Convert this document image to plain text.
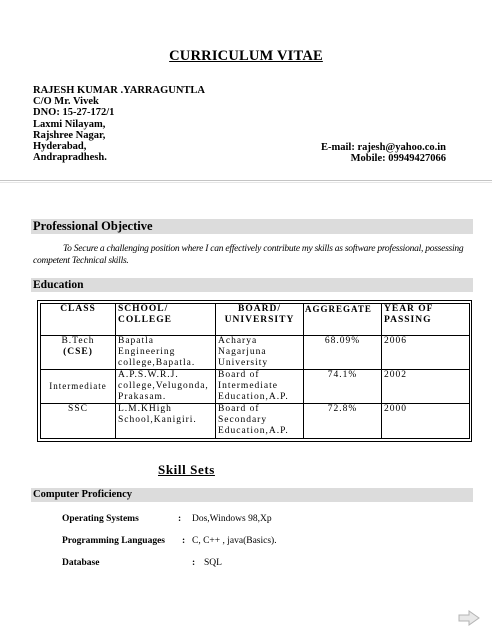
CURRICULUM VITAE
RAJESH KUMAR .YARRAGUNTLA
C/O Mr. Vivek
DNO: 15-27-172/1
Laxmi Nilayam,
Rajshree Nagar,
Hyderabad,
Andrapradhesh.
E-mail: rajesh@yahoo.co.in
Mobile: 09949427066
Professional Objective
To Secure a challenging position where I can effectively contribute my skills as software professional, possessing competent Technical skills.
Education
CLASS	SCHOOL/ COLLEGE	BOARD/ UNIVERSITY	AGGREGATE	YEAR OF PASSING

B.Tech
(CSE)	Bapatla Engineering college,Bapatla.	Acharya Nagarjuna University	68.09%	2006
Intermediate	A.P.S.W.R.J. college,Velugonda, Prakasam.	Board of Intermediate Education,A.P.	74.1%	2002
SSC	L.M.KHigh School,Kanigiri.	Board of Secondary Education,A.P.	72.8%	2000
Skill Sets
Computer Proficiency
Operating Systems	: Dos,Windows 98,Xp
Programming Languages : C, C++ , java(Basics).
Database	: SQL
